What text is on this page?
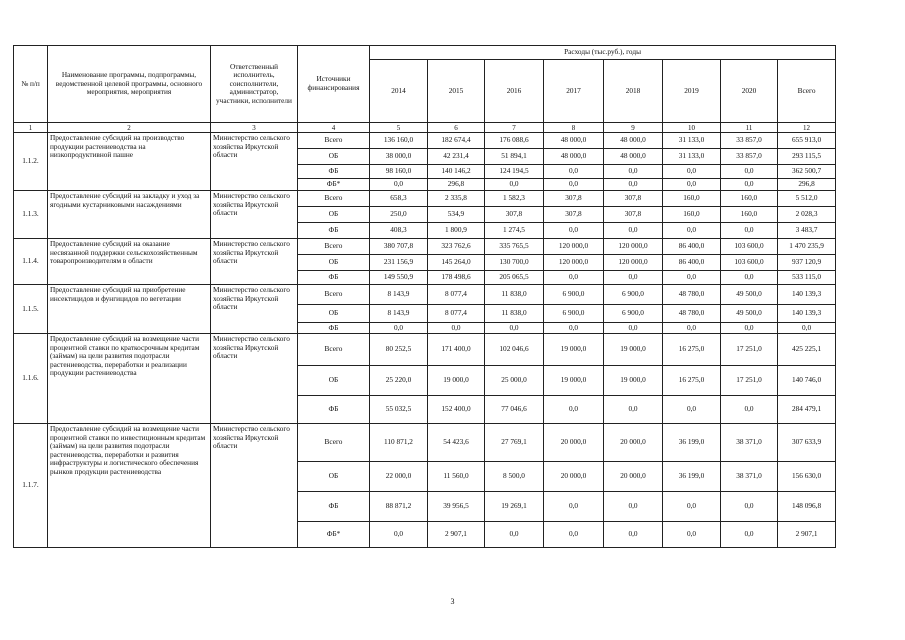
№ п/п	Наименование программы, подпрограммы, ведомственной целевой программы, основного мероприятия, мероприятия	Ответственный исполнитель, соисполнители, администратор, участники, исполнители	Источники финансирования	Расходы (тыс.руб.), годы							
				2014	2015	2016	2017	2018	2019	2020	Всего
1	2	3	4	5	6	7	8	9	10	11	12
1.1.2.	Предоставление субсидий на производство продукции растениеводства на низкопродуктивной пашне	Министерство сельского хозяйства Иркутской области	Всего	136 160,0	182 674,4	176 088,6	48 000,0	48 000,0	31 133,0	33 857,0	655 913,0
			ОБ	38 000,0	42 231,4	51 894,1	48 000,0	48 000,0	31 133,0	33 857,0	293 115,5
			ФБ	98 160,0	140 146,2	124 194,5	0,0	0,0	0,0	0,0	362 500,7
			ФБ*	0,0	296,8	0,0	0,0	0,0	0,0	0,0	296,8
1.1.3.	Предоставление субсидий на закладку и уход за ягодными кустарниковыми насаждениями	Министерство сельского хозяйства Иркутской области	Всего	658,3	2 335,8	1 582,3	307,8	307,8	160,0	160,0	5 512,0
			ОБ	250,0	534,9	307,8	307,8	307,8	160,0	160,0	2 028,3
			ФБ	408,3	1 800,9	1 274,5	0,0	0,0	0,0	0,0	3 483,7
1.1.4.	Предоставление субсидий на оказание несвязанной поддержки сельскохозяйственным товаропроизводителям в области	Министерство сельского хозяйства Иркутской области	Всего	380 707,8	323 762,6	335 765,5	120 000,0	120 000,0	86 400,0	103 600,0	1 470 235,9
			ОБ	231 156,9	145 264,0	130 700,0	120 000,0	120 000,0	86 400,0	103 600,0	937 120,9
			ФБ	149 550,9	178 498,6	205 065,5	0,0	0,0	0,0	0,0	533 115,0
1.1.5.	Предоставление субсидий на приобретение инсектицидов и фунгицидов по вегетации	Министерство сельского хозяйства Иркутской области	Всего	8 143,9	8 077,4	11 838,0	6 900,0	6 900,0	48 780,0	49 500,0	140 139,3
			ОБ	8 143,9	8 077,4	11 838,0	6 900,0	6 900,0	48 780,0	49 500,0	140 139,3
			ФБ	0,0	0,0	0,0	0,0	0,0	0,0	0,0	0,0
1.1.6.	Предоставление субсидий на возмещение части процентной ставки по краткосрочным кредитам (займам) на цели развития подотрасли растениеводства, переработки и реализации продукции растениеводства	Министерство сельского хозяйства Иркутской области	Всего	80 252,5	171 400,0	102 046,6	19 000,0	19 000,0	16 275,0	17 251,0	425 225,1
			ОБ	25 220,0	19 000,0	25 000,0	19 000,0	19 000,0	16 275,0	17 251,0	140 746,0
			ФБ	55 032,5	152 400,0	77 046,6	0,0	0,0	0,0	0,0	284 479,1
1.1.7.	Предоставление субсидий на возмещение части процентной ставки по инвестиционным кредитам (займам) на цели развития подотрасли растениеводства, переработки и развития инфраструктуры и логистического обеспечения рынков продукции растениеводства	Министерство сельского хозяйства Иркутской области	Всего	110 871,2	54 423,6	27 769,1	20 000,0	20 000,0	36 199,0	38 371,0	307 633,9
			ОБ	22 000,0	11 560,0	8 500,0	20 000,0	20 000,0	36 199,0	38 371,0	156 630,0
			ФБ	88 871,2	39 956,5	19 269,1	0,0	0,0	0,0	0,0	148 096,8
			ФБ*	0,0	2 907,1	0,0	0,0	0,0	0,0	0,0	2 907,1
3
